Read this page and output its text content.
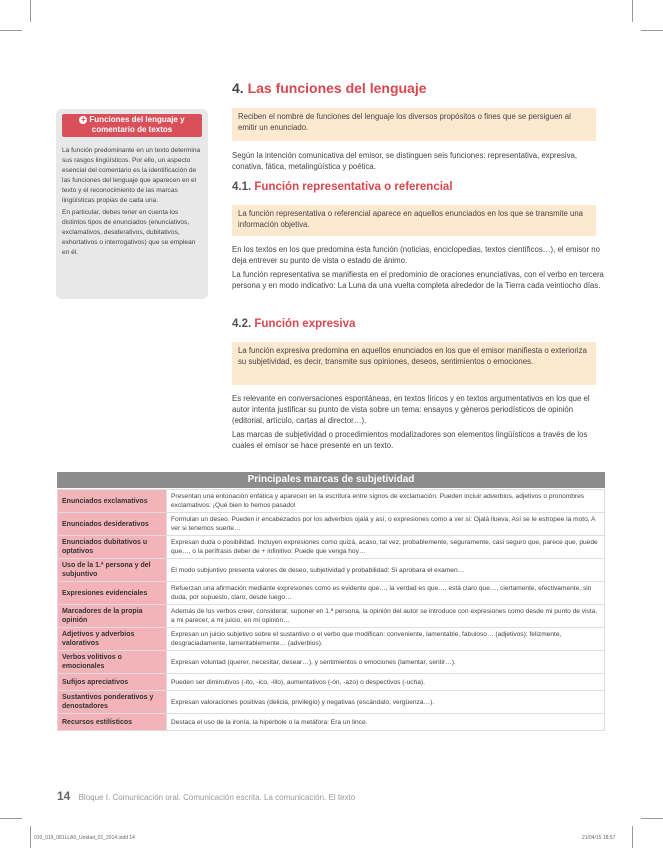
+ Funciones del lenguaje y comentario de textos

La función predominante en un texto determina sus rasgos lingüísticos. Por ello, un aspecto esencial del comentario es la identificación de las funciones del lenguaje que aparecen en el texto y el reconocimiento de las marcas lingüísticas propias de cada una.

En particular, debes tener en cuenta los distintos tipos de enunciados (enunciativos, exclamativos, desiderativos, dubitativos, exhortativos o interrogativos) que se emplean en él.

4. Las funciones del lenguaje
Reciben el nombre de funciones del lenguaje los diversos propósitos o fines que se persiguen al emitir un enunciado.

Según la intención comunicativa del emisor, se distinguen seis funciones: representativa, expresiva, conativa, fática, metalingüística y poética.

4.1. Función representativa o referencial
La función representativa o referencial aparece en aquellos enunciados en los que se transmite una información objetiva.

En los textos en los que predomina esta función (noticias, enciclopedias, textos científicos…), el emisor no deja entrever su punto de vista o estado de ánimo.

La función representativa se manifiesta en el predominio de oraciones enunciativas, con el verbo en tercera persona y en modo indicativo: La Luna da una vuelta completa alrededor de la Tierra cada veintiocho días.

4.2. Función expresiva
La función expresiva predomina en aquellos enunciados en los que el emisor manifiesta o exterioriza su subjetividad, es decir, transmite sus opiniones, deseos, sentimientos o emociones.

Es relevante en conversaciones espontáneas, en textos líricos y en textos argumentativos en los que el autor intenta justificar su punto de vista sobre un tema: ensayos y géneros periodísticos de opinión (editorial, artículo, cartas al director…).

Las marcas de subjetividad o procedimientos modalizadores son elementos lingüísticos a través de los cuales el emisor se hace presente en un texto.

Principales marcas de subjetividad
Enunciados exclamativos	Presentan una entonación enfática y aparecen en la escritura entre signos de exclamación. Pueden incluir adverbios, adjetivos o pronombres exclamativos: ¡Qué bien lo hemos pasado!
Enunciados desiderativos	Formulan un deseo. Pueden ir encabezados por los adverbios ojalá y así, o expresiones como a ver si: Ojalá llueva, Así se le estropee la moto, A ver si tenemos suerte…
Enunciados dubitativos u optativos	Expresan duda o posibilidad. Incluyen expresiones como quizá, acaso, tal vez, probablemente, seguramente, casi seguro que, parece que, puede que…, o la perífrasis deber de + infinitivo: Puede que venga hoy…
Uso de la 1.ª persona y del subjuntivo	El modo subjuntivo presenta valores de deseo, subjetividad y probabilidad: Si aprobara el examen…
Expresiones evidenciales	Refuerzan una afirmación mediante expresiones como es evidente que…, la verdad es que…, está claro que…, ciertamente, efectivamente, sin duda, por supuesto, claro, desde luego…
Marcadores de la propia opinión	Además de los verbos creer, considerar, suponer en 1.ª persona, la opinión del autor se introduce con expresiones como desde mi punto de vista, a mi parecer, a mi juicio, en mi opinión…
Adjetivos y adverbios valorativos	Expresan un juicio subjetivo sobre el sustantivo o el verbo que modifican: conveniente, lamentable, fabuloso… (adjetivos); felizmente, desgraciadamente, lamentablemente… (adverbios).
Verbos volitivos o emocionales	Expresan voluntad (querer, necesitar, desear…), y sentimientos o emociones (lamentar, sentir…).
Sufijos apreciativos	Pueden ser diminutivos (-ito, -ico, -illo), aumentativos (-ón, -azo) o despectivos (-ucha).
Sustantivos ponderativos y denostadores	Expresan valoraciones positivas (delicia, privilegio) y negativas (escándalo, vergüenza…).
Recursos estilísticos	Destaca el uso de la ironía, la hipérbole o la metáfora: Era un lince.
14 Bloque I. Comunicación oral. Comunicación escrita. La comunicación. El texto
010_019_081LLA0_Unidad_01_2014.indd 14	21/04/15 18:57
